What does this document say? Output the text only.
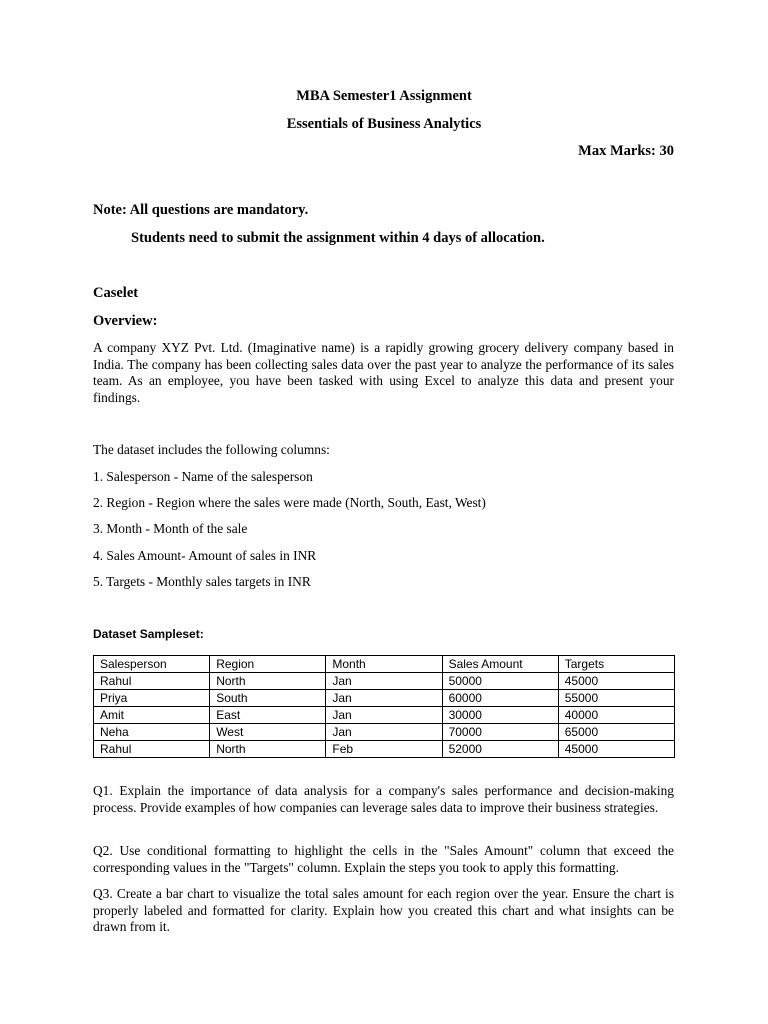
MBA Semester1 Assignment
Essentials of Business Analytics
Max Marks: 30
Note: All questions are mandatory.
Students need to submit the assignment within 4 days of allocation.
Caselet
Overview:
A company XYZ Pvt. Ltd. (Imaginative name) is a rapidly growing grocery delivery company based in India. The company has been collecting sales data over the past year to analyze the performance of its sales team. As an employee, you have been tasked with using Excel to analyze this data and present your findings.
The dataset includes the following columns:
1. Salesperson - Name of the salesperson
2. Region - Region where the sales were made (North, South, East, West)
3. Month - Month of the sale
4. Sales Amount- Amount of sales in INR
5. Targets - Monthly sales targets in INR
Dataset Sampleset:
Salesperson	Region	Month	Sales Amount	Targets
Rahul	North	Jan	50000	45000
Priya	South	Jan	60000	55000
Amit	East	Jan	30000	40000
Neha	West	Jan	70000	65000
Rahul	North	Feb	52000	45000
Q1. Explain the importance of data analysis for a company's sales performance and decision-making process. Provide examples of how companies can leverage sales data to improve their business strategies.
Q2. Use conditional formatting to highlight the cells in the "Sales Amount" column that exceed the corresponding values in the "Targets" column. Explain the steps you took to apply this formatting.
Q3. Create a bar chart to visualize the total sales amount for each region over the year. Ensure the chart is properly labeled and formatted for clarity. Explain how you created this chart and what insights can be drawn from it.
